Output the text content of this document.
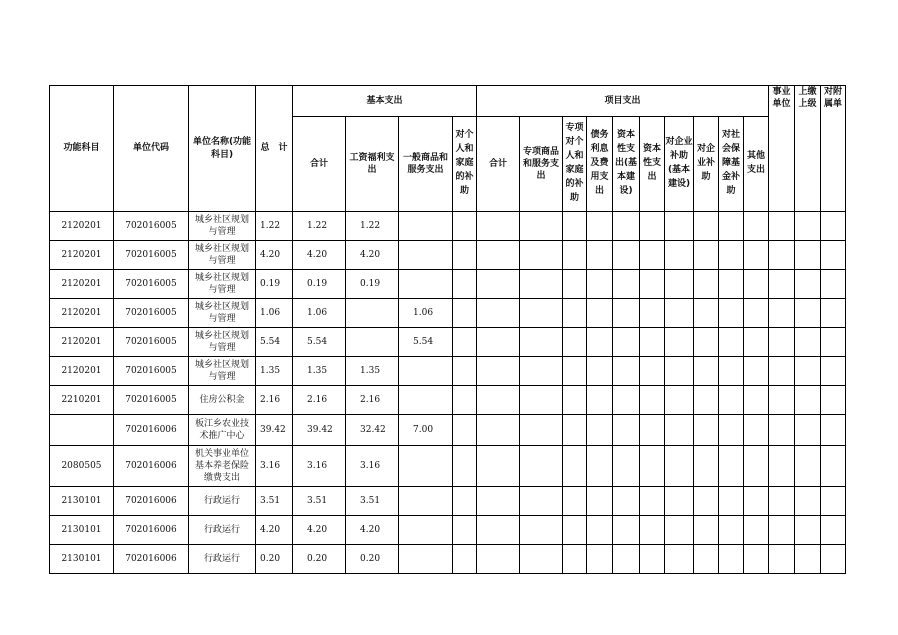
功能科目	单位代码	单位名称(功能科目)	总　计	基本支出				项目支出										事业单位	上缴上级	对附属单
				合计	工资福利支出	一般商品和服务支出	对个人和家庭的补助	合计	专项商品和服务支出	专项对个人和家庭的补助	债务利息及费用支出	资本性支出(基本建设)	资本性支出	对企业补助(基本建设)	对企业补助	对社会保障基金补助	其他支出			
2120201	702016005	城乡社区规划与管理	1.22	1.22	1.22															
2120201	702016005	城乡社区规划与管理	4.20	4.20	4.20															
2120201	702016005	城乡社区规划与管理	0.19	0.19	0.19															
2120201	702016005	城乡社区规划与管理	1.06	1.06		1.06														
2120201	702016005	城乡社区规划与管理	5.54	5.54		5.54														
2120201	702016005	城乡社区规划与管理	1.35	1.35	1.35															
2210201	702016005	住房公积金	2.16	2.16	2.16															
	702016006	板江乡农业技术推广中心	39.42	39.42	32.42	7.00														
2080505	702016006	机关事业单位基本养老保险缴费支出	3.16	3.16	3.16															
2130101	702016006	行政运行	3.51	3.51	3.51															
2130101	702016006	行政运行	4.20	4.20	4.20															
2130101	702016006	行政运行	0.20	0.20	0.20															
